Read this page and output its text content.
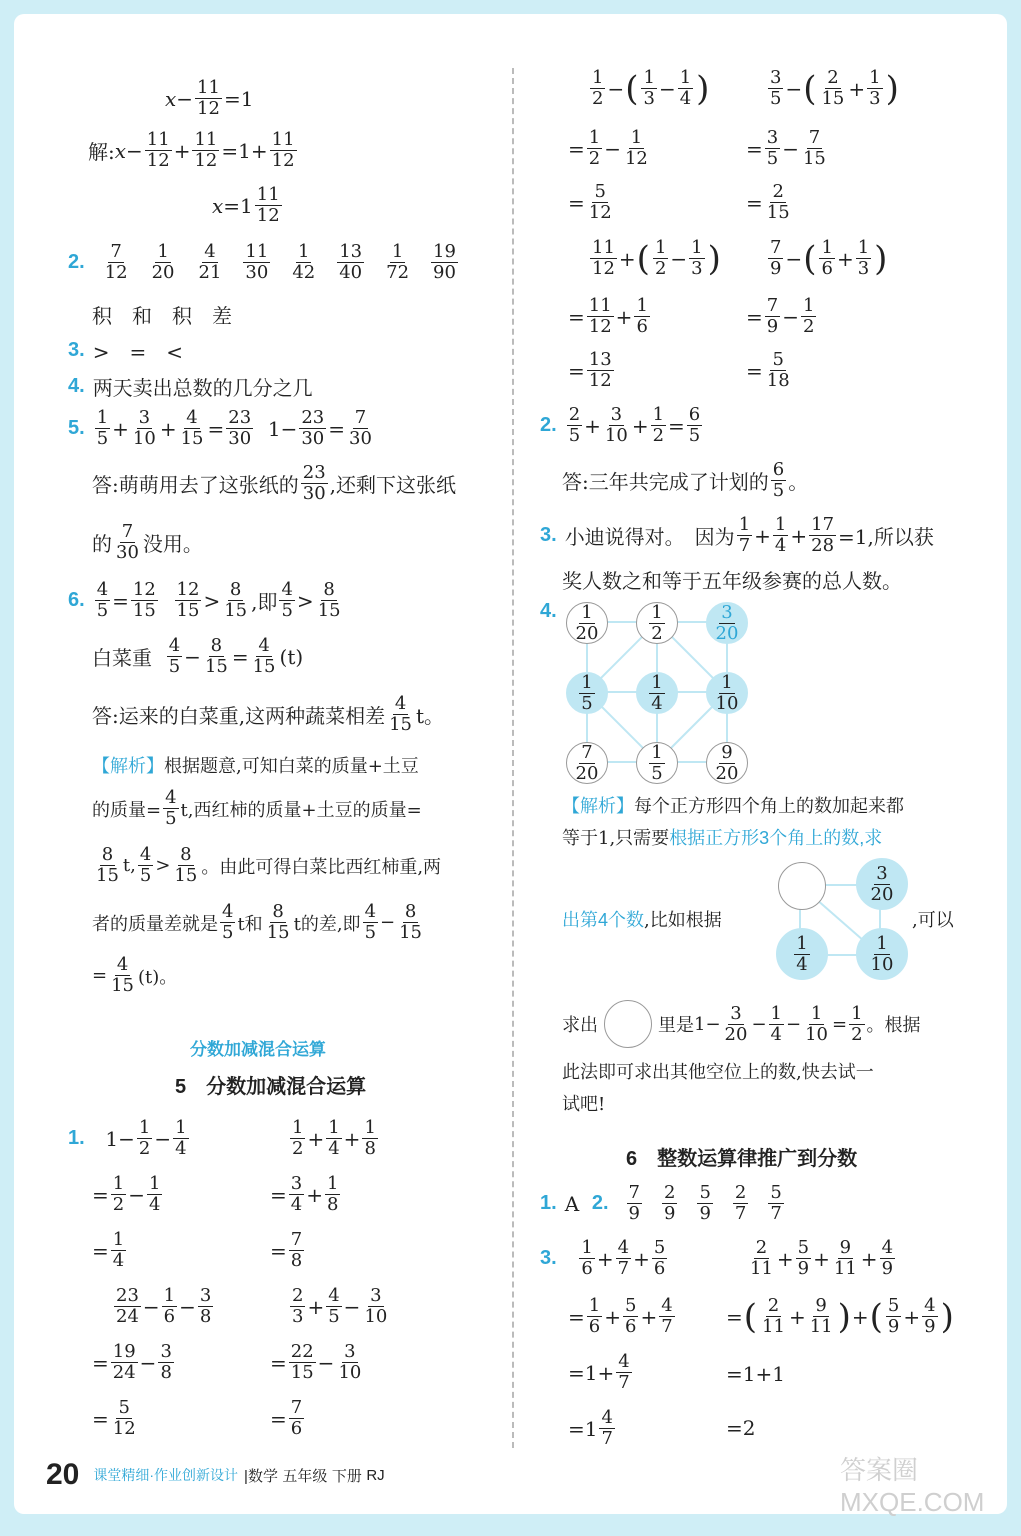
$x - \frac{11}{12} =1$
解: $x - \frac{11}{12} + \frac{11}{12} =1+ \frac{11}{12}$
$x =1 \frac{11}{12}$
2. $\frac{7}{12} \frac{1}{20} \frac{4}{21} \frac{11}{30} \frac{1}{42} \frac{13}{40} \frac{1}{72} \frac{19}{90}$
积　和　积　差
3. >　=　<
4. 两天卖出总数的几分之几
5. $\frac{1}{5} + \frac{3}{10} + \frac{4}{15} = \frac{23}{30} 1- \frac{23}{30} = \frac{7}{30}$
答:萌萌用去了这张纸的 $\frac{23}{30}$ ,还剩下这张纸
的 $\frac{7}{30}$ 没用。
6. $\frac{4}{5} = \frac{12}{15}$
$\frac{12}{15} > \frac{8}{15}$ ,即 $\frac{4}{5} > \frac{8}{15}$
白菜重
$\frac{4}{5} - \frac{8}{15} = \frac{4}{15} (t)$
答:运来的白菜重,这两种蔬菜相差 $\frac{4}{15}$ t。
【解析】 根据题意,可知白菜的质量+土豆
的质量= $\frac{4}{5} t$,西红柿的质量+土豆的质量=
$\frac{8}{15} t$, $\frac{4}{5} > \frac{8}{15}$ 。由此可得白菜比西红柿重,两
者的质量差就是 $\frac{4}{5}$ t和 $\frac{8}{15}$ t的差,即 $\frac{4}{5} - \frac{8}{15}$
= $\frac{4}{15} (t)$。
分数加减混合运算
5　分数加减混合运算
1. $1- \frac{1}{2} - \frac{1}{4}$	$\frac{1}{2} + \frac{1}{4} + \frac{1}{8}$
= $\frac{1}{2} - \frac{1}{4}$	= $\frac{3}{4} + \frac{1}{8}$
= $\frac{1}{4}$	= $\frac{7}{8}$
$\frac{23}{24} - \frac{1}{6} - \frac{3}{8}$	$\frac{2}{3} + \frac{4}{5} - \frac{3}{10}$
= $\frac{19}{24} - \frac{3}{8}$	= $\frac{22}{15} - \frac{3}{10}$
= $\frac{5}{12}$	= $\frac{7}{6}$
$\frac{1}{2}$ − ( $\frac{1}{3} - \frac{1}{4}$ )	$\frac{3}{5}$ − ( $\frac{2}{15} + \frac{1}{3}$ )
= $\frac{1}{2} - \frac{1}{12}$	= $\frac{3}{5} - \frac{7}{15}$
= $\frac{5}{12}$	= $\frac{2}{15}$
$\frac{11}{12}$ + ( $\frac{1}{2} - \frac{1}{3}$ )	$\frac{7}{9}$ − ( $\frac{1}{6} + \frac{1}{3}$ )
= $\frac{11}{12} + \frac{1}{6}$	= $\frac{7}{9} - \frac{1}{2}$
= $\frac{13}{12}$	= $\frac{5}{18}$
2. $\frac{2}{5} + \frac{3}{10} + \frac{1}{2} = \frac{6}{5}$
答:三年共完成了计划的 $\frac{6}{5}$ 。
3. 小迪说得对。　因为 $\frac{1}{7} + \frac{1}{4} + \frac{17}{28} =1$,所以获
奖人数之和等于五年级参赛的总人数。
4. $\frac{1}{20}$	$\frac{1}{2}$	$\frac{3}{20}$
$\frac{1}{5}$	$\frac{1}{4}$	$\frac{1}{10}$
$\frac{7}{20}$	$\frac{1}{5}$	$\frac{9}{20}$
【解析】 每个正方形四个角上的数加起来都
等于1,只需要 根据正方形3个角上的数,求
$\frac{3}{20}$
$\frac{1}{4}$	$\frac{1}{10}$
出第4个数 ,比如根据	,可以
求出	里是 $1- \frac{3}{20} - \frac{1}{4} - \frac{1}{10} = \frac{1}{2}$ 。根据
此法即可求出其他空位上的数,快去试一
试吧!
6　整数运算律推广到分数
1. A
2. $\frac{7}{9} \frac{2}{9} \frac{5}{9} \frac{2}{7} \frac{5}{7}$
3.
$\frac{1}{6} + \frac{4}{7} + \frac{5}{6}$	$\frac{2}{11} + \frac{5}{9} + \frac{9}{11} + \frac{4}{9}$
= $\frac{1}{6} + \frac{5}{6} + \frac{4}{7}$	= ( $\frac{2}{11} + \frac{9}{11}$ ) + ( $\frac{5}{9} + \frac{4}{9}$ )
$=1+ \frac{4}{7}$	=1+1
$=1 \frac{4}{7}$	=2
20 课堂精细·作业创新设计 |数学
五年级
下册
RJ	答案圈 MXQE.COM
